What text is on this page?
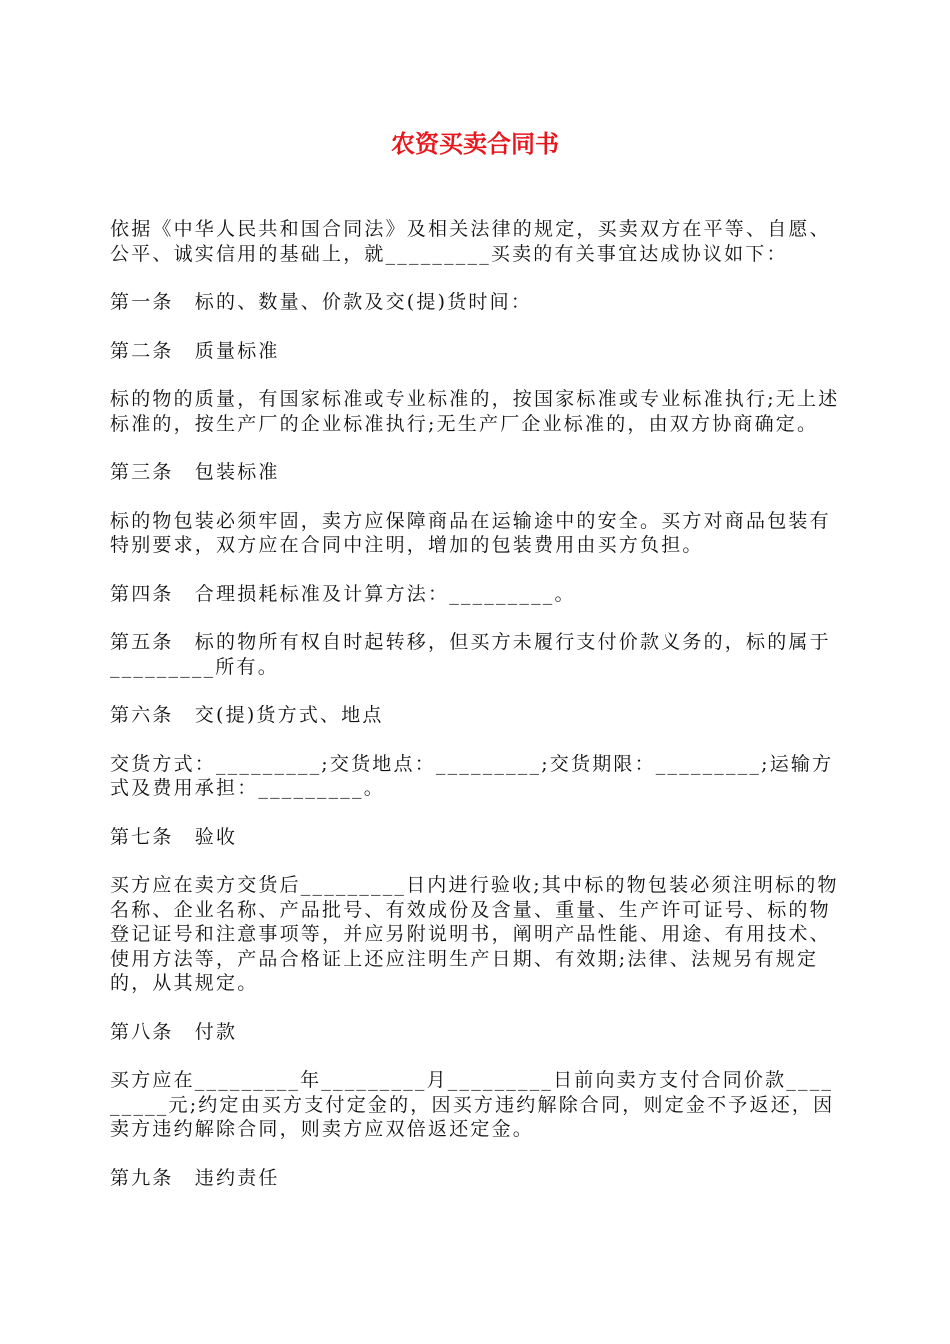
农资买卖合同书

依据《中华人民共和国合同法》及相关法律的规定，买卖双方在平等、自愿、公平、诚实信用的基础上，就_________买卖的有关事宜达成协议如下：

第一条　标的、数量、价款及交(提)货时间：

第二条　质量标准

标的物的质量，有国家标准或专业标准的，按国家标准或专业标准执行;无上述标准的，按生产厂的企业标准执行;无生产厂企业标准的，由双方协商确定。

第三条　包装标准

标的物包装必须牢固，卖方应保障商品在运输途中的安全。买方对商品包装有特别要求，双方应在合同中注明，增加的包装费用由买方负担。

第四条　合理损耗标准及计算方法：_________。

第五条　标的物所有权自时起转移，但买方未履行支付价款义务的，标的属于_________所有。

第六条　交(提)货方式、地点

交货方式：_________;交货地点：_________;交货期限：_________;运输方式及费用承担：_________。

第七条　验收

买方应在卖方交货后_________日内进行验收;其中标的物包装必须注明标的物名称、企业名称、产品批号、有效成份及含量、重量、生产许可证号、标的物登记证号和注意事项等，并应另附说明书，阐明产品性能、用途、有用技术、使用方法等，产品合格证上还应注明生产日期、有效期;法律、法规另有规定的，从其规定。

第八条　付款

买方应在_________年_________月_________日前向卖方支付合同价款_________元;约定由买方支付定金的，因买方违约解除合同，则定金不予返还，因卖方违约解除合同，则卖方应双倍返还定金。

第九条　违约责任
